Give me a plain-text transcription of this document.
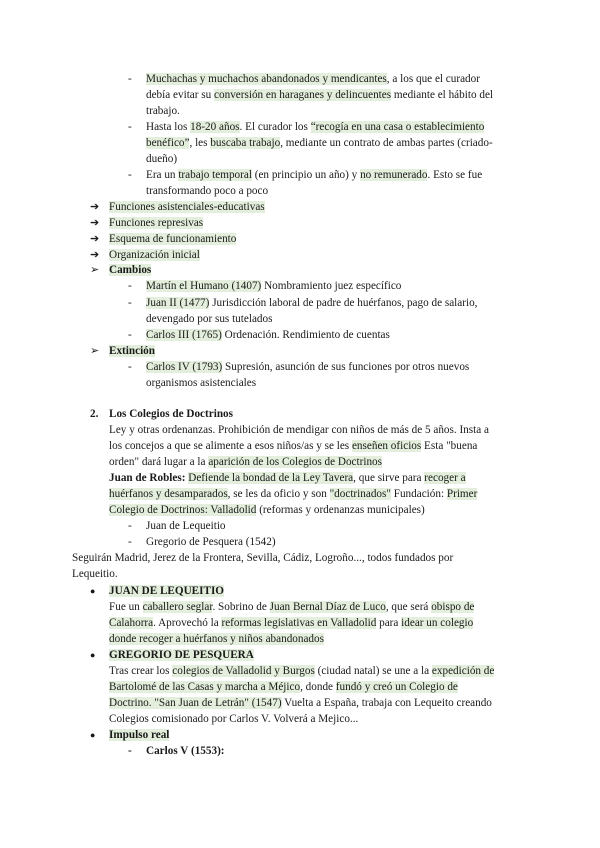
- Muchachas y muchachos abandonados y mendicantes, a los que el curador
debía evitar su conversión en haraganes y delincuentes mediante el hábito del
trabajo.
- Hasta los 18-20 años. El curador los “recogía en una casa o establecimiento
benéfico”, les buscaba trabajo, mediante un contrato de ambas partes (criado-
dueño)
- Era un trabajo temporal (en principio un año) y no remunerado. Esto se fue
transformando poco a poco
➔ Funciones asistenciales-educativas
➔ Funciones represivas
➔ Esquema de funcionamiento
➔ Organización inicial
➢ Cambios
- Martín el Humano (1407) Nombramiento juez específico
- Juan II (1477) Jurisdicción laboral de padre de huérfanos, pago de salario,
devengado por sus tutelados
- Carlos III (1765) Ordenación. Rendimiento de cuentas
➢ Extinción
- Carlos IV (1793) Supresión, asunción de sus funciones por otros nuevos
organismos asistenciales
2. Los Colegios de Doctrinos
Ley y otras ordenanzas. Prohibición de mendigar con niños de más de 5 años. Insta a
los concejos a que se alimente a esos niños/as y se les enseñen oficios Esta "buena
orden" dará lugar a la aparición de los Colegios de Doctrinos
Juan de Robles: Defiende la bondad de la Ley Tavera, que sirve para recoger a
huérfanos y desamparados, se les da oficio y son "doctrinados" Fundación: Primer
Colegio de Doctrinos: Valladolid (reformas y ordenanzas municipales)
- Juan de Lequeitio
- Gregorio de Pesquera (1542)
Seguirán Madrid, Jerez de la Frontera, Sevilla, Cádiz, Logroño..., todos fundados por
Lequeitio.
● JUAN DE LEQUEITIO
Fue un caballero seglar. Sobrino de Juan Bernal Díaz de Luco, que será obispo de
Calahorra. Aprovechó la reformas legislativas en Valladolid para idear un colegio
donde recoger a huérfanos y niños abandonados
● GREGORIO DE PESQUERA
Tras crear los colegios de Valladolid y Burgos (ciudad natal) se une a la expedición de
Bartolomé de las Casas y marcha a Méjico, donde fundó y creó un Colegio de
Doctrino. "San Juan de Letrán" (1547) Vuelta a España, trabaja con Lequeito creando
Colegios comisionado por Carlos V. Volverá a Mejico...
● Impulso real
- Carlos V (1553):
